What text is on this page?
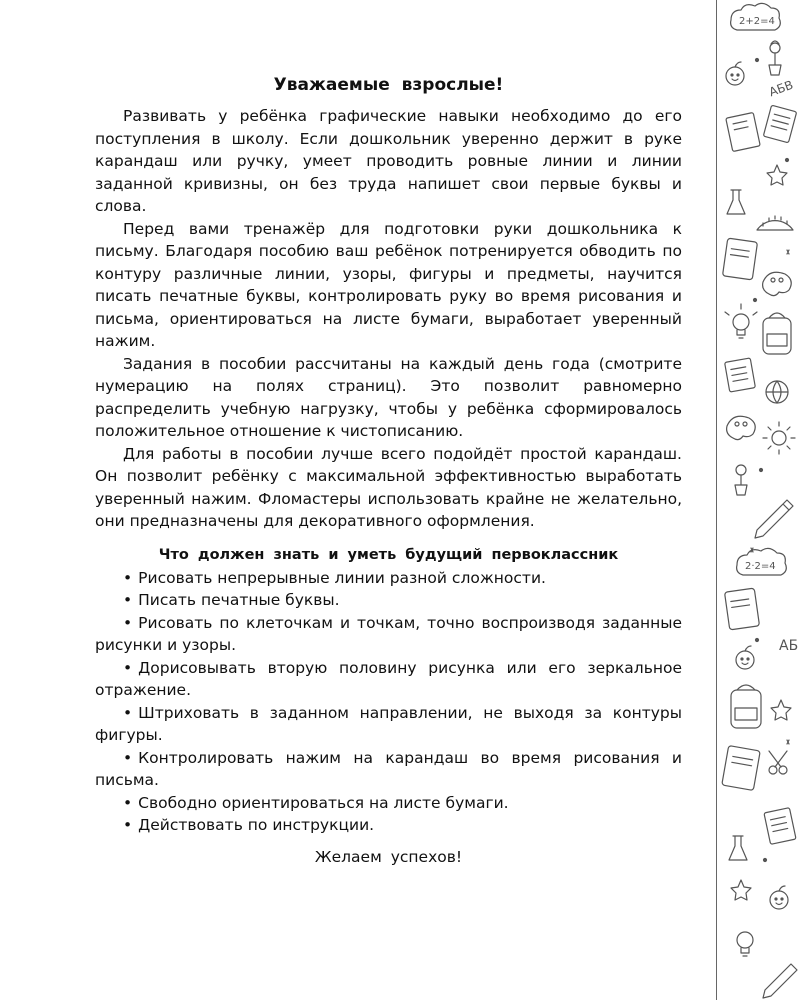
Уважаемые взрослые!

Развивать у ребёнка графические навыки необходимо до его поступления в школу. Если дошкольник уверенно держит в руке карандаш или ручку, умеет проводить ровные линии и линии заданной кривизны, он без труда напишет свои первые буквы и слова.

Перед вами тренажёр для подготовки руки дошкольника к письму. Благодаря пособию ваш ребёнок потренируется обводить по контуру различные линии, узоры, фигуры и предметы, научится писать печатные буквы, контролировать руку во время рисования и письма, ориентироваться на листе бумаги, выработает уверенный нажим.

Задания в пособии рассчитаны на каждый день года (смотрите нумерацию на полях страниц). Это позволит равномерно распределить учебную нагрузку, чтобы у ребёнка сформировалось положительное отношение к чистописанию.

Для работы в пособии лучше всего подойдёт простой карандаш. Он позволит ребёнку с максимальной эффективностью выработать уверенный нажим. Фломастеры использовать крайне не желательно, они предназначены для декоративного оформления.

Что должен знать и уметь будущий первоклассник
• Рисовать непрерывные линии разной сложности.
• Писать печатные буквы.
• Рисовать по клеточкам и точкам, точно воспроизводя заданные рисунки и узоры.
• Дорисовывать вторую половину рисунка или его зеркальное отражение.
• Штриховать в заданном направлении, не выходя за контуры фигуры.
• Контролировать нажим на карандаш во время рисования и письма.
• Свободно ориентироваться на листе бумаги.
• Действовать по инструкции.

Желаем успехов!

2+2=4
АБВ
2·2=4
АБ
